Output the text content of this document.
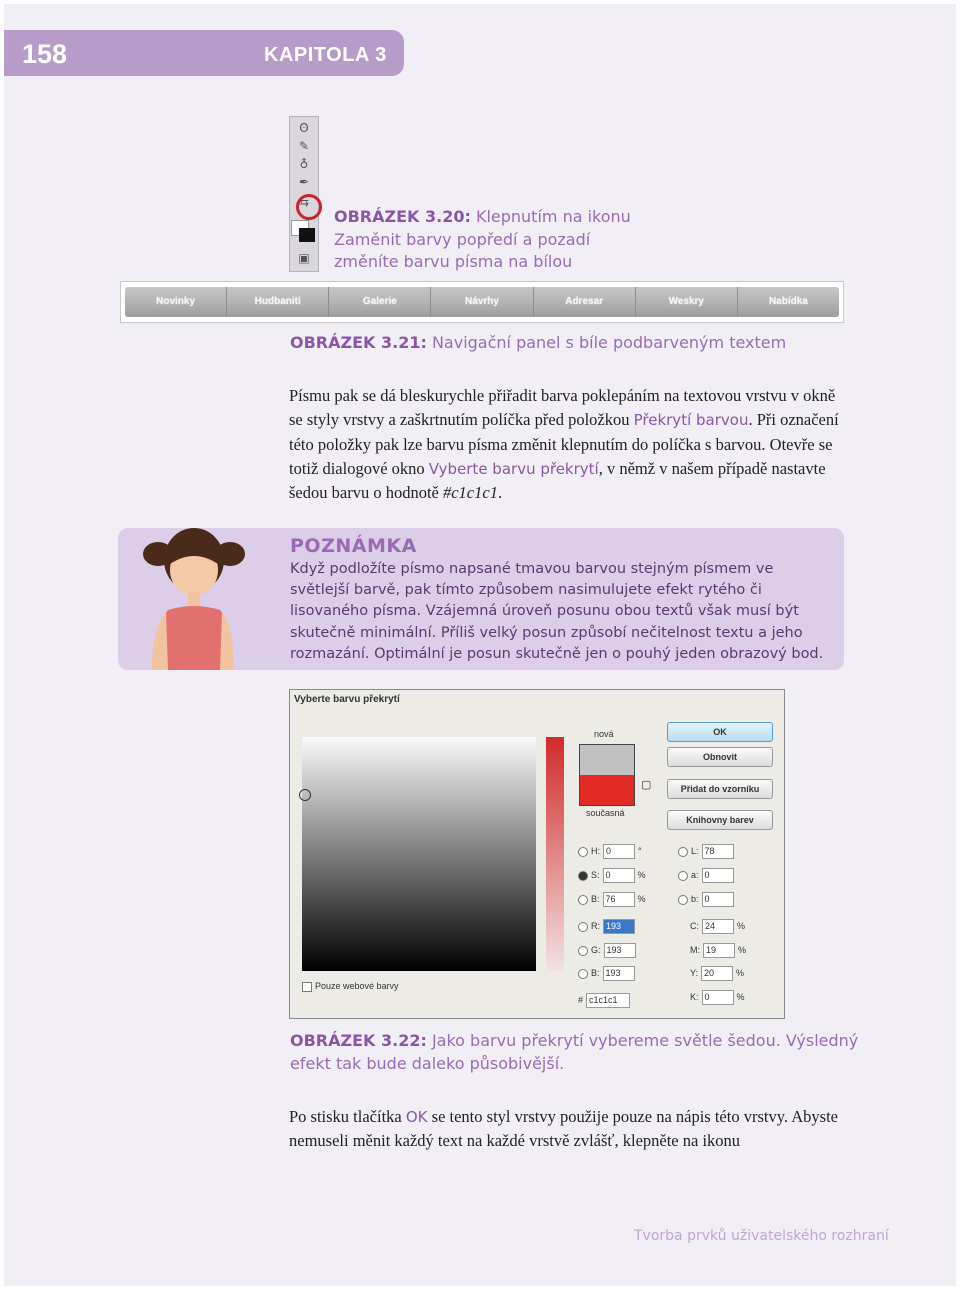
158	KAPITOLA 3
ʘ
✎
♁
✒
⇆
▣
OBRÁZEK 3.20: Klepnutím na ikonu
Zaměnit barvy popředí a pozadí
změníte barvu písma na bílou
Novinky	Hudbaniti	Galerie	Návrhy	Adresar	Weskry	Nabídka
OBRÁZEK 3.21: Navigační panel s bíle podbarveným textem
Písmu pak se dá bleskurychle přiřadit barva poklepáním na textovou vrstvu v okně se styly vrstvy a zaškrtnutím políčka před položkou Překrytí barvou. Při označení této položky pak lze barvu písma změnit klepnutím do políčka s barvou. Otevře se totiž dialogové okno Vyberte barvu překrytí, v němž v našem případě nastavte šedou barvu o hodnotě #c1c1c1.
POZNÁMKA
Když podložíte písmo napsané tmavou barvou stejným písmem ve světlejší barvě, pak tímto způsobem nasimulujete efekt rytého či lisovaného písma. Vzájemná úroveň posunu obou textů však musí být skutečně minimální. Příliš velký posun způsobí nečitelnost textu a jeho rozmazání. Optimální je posun skutečně jen o pouhý jeden obrazový bod.
Vyberte barvu překrytí
nová
současná
▢
OK
Obnovit
Přidat do vzorníku
Knihovny barev
H: 0	°
S: 0	%
B: 76 %
R: 193
G: 193
B: 193
# c1c1c1
L: 78
a: 0
b: 0
C: 24 %
M: 19 %
Y: 20 %
K: 0	%
Pouze webové barvy
OBRÁZEK 3.22: Jako barvu překrytí vybereme světle šedou. Výsledný
efekt tak bude daleko působivější.
Po stisku tlačítka OK se tento styl vrstvy použije pouze na nápis této vrstvy. Abyste nemuseli měnit každý text na každé vrstvě zvlášť, klepněte na ikonu
Tvorba prvků uživatelského rozhraní
